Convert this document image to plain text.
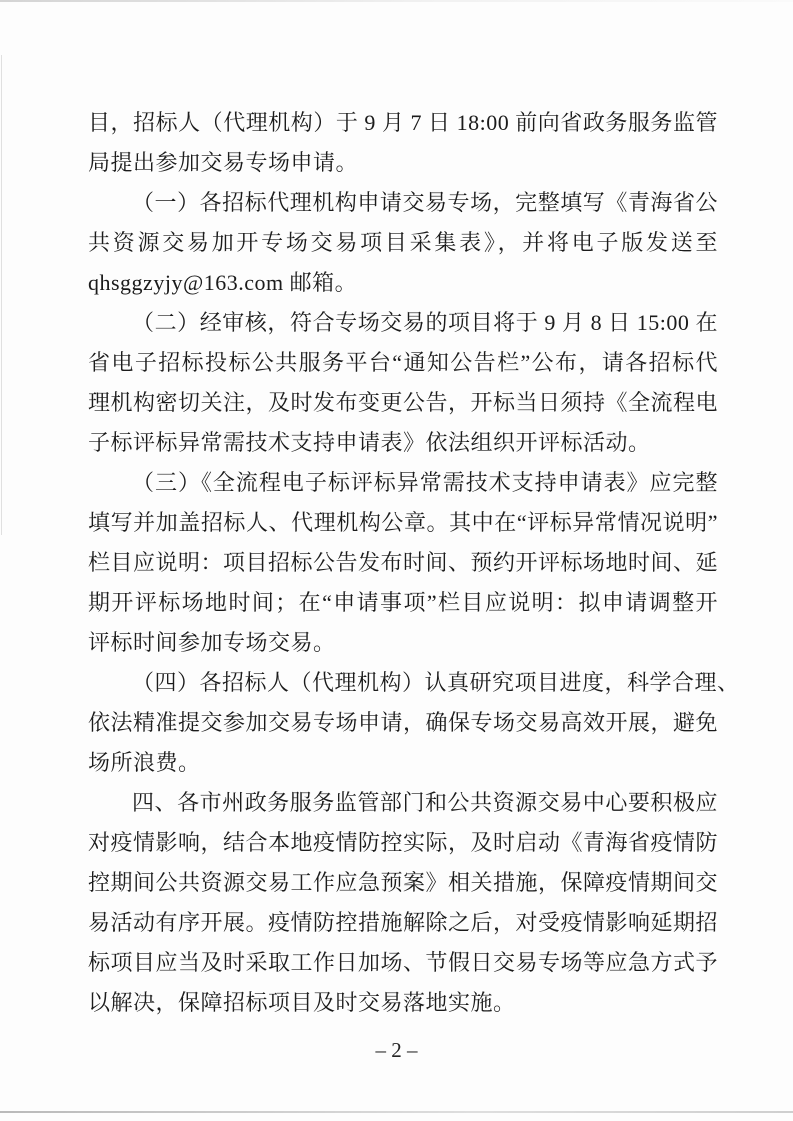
目，招标人（代理机构）于 9 月 7 日 18:00 前向省政务服务监管
局提出参加交易专场申请。
（一）各招标代理机构申请交易专场，完整填写《青海省公
共资源交易加开专场交易项目采集表》，并将电子版发送至
qhsggzyjy@163.com 邮箱。
（二）经审核，符合专场交易的项目将于 9 月 8 日 15:00 在
省电子招标投标公共服务平台“通知公告栏”公布，请各招标代
理机构密切关注，及时发布变更公告，开标当日须持《全流程电
子标评标异常需技术支持申请表》依法组织开评标活动。
（三）《全流程电子标评标异常需技术支持申请表》应完整
填写并加盖招标人、代理机构公章。其中在“评标异常情况说明”
栏目应说明：项目招标公告发布时间、预约开评标场地时间、延
期开评标场地时间；在“申请事项”栏目应说明：拟申请调整开
评标时间参加专场交易。
（四）各招标人（代理机构）认真研究项目进度，科学合理、
依法精准提交参加交易专场申请，确保专场交易高效开展，避免
场所浪费。
四、各市州政务服务监管部门和公共资源交易中心要积极应
对疫情影响，结合本地疫情防控实际，及时启动《青海省疫情防
控期间公共资源交易工作应急预案》相关措施，保障疫情期间交
易活动有序开展。疫情防控措施解除之后，对受疫情影响延期招
标项目应当及时采取工作日加场、节假日交易专场等应急方式予
以解决，保障招标项目及时交易落地实施。
– 2 –
